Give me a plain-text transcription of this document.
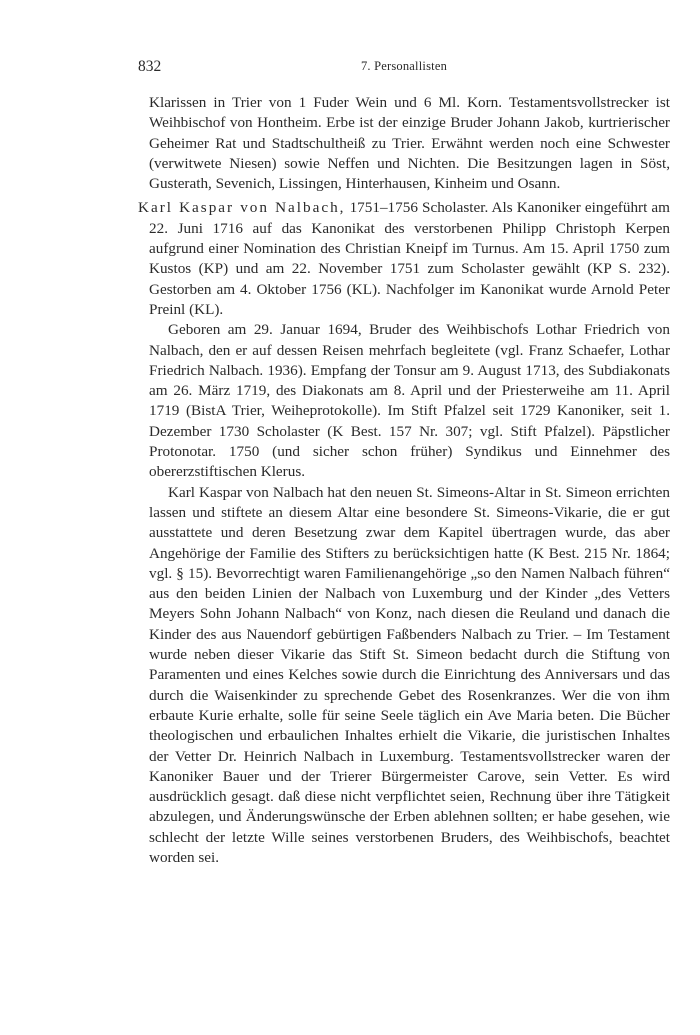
832	7. Personallisten

Klarissen in Trier von 1 Fuder Wein und 6 Ml. Korn. Testamentsvollstrecker ist Weihbischof von Hontheim. Erbe ist der einzige Bruder Johann Jakob, kurtrierischer Geheimer Rat und Stadtschultheiß zu Trier. Erwähnt werden noch eine Schwester (verwitwete Niesen) sowie Neffen und Nichten. Die Besitzungen lagen in Söst, Gusterath, Sevenich, Lissingen, Hinterhausen, Kinheim und Osann.

Karl Kaspar von Nalbach, 1751–1756 Scholaster. Als Kanoniker eingeführt am 22. Juni 1716 auf das Kanonikat des verstorbenen Philipp Christoph Kerpen aufgrund einer Nomination des Christian Kneipf im Turnus. Am 15. April 1750 zum Kustos (KP) und am 22. November 1751 zum Scholaster gewählt (KP S. 232). Gestorben am 4. Oktober 1756 (KL). Nachfolger im Kanonikat wurde Arnold Peter Preinl (KL).

Geboren am 29. Januar 1694, Bruder des Weihbischofs Lothar Friedrich von Nalbach, den er auf dessen Reisen mehrfach begleitete (vgl. Franz Schaefer, Lothar Friedrich Nalbach. 1936). Empfang der Tonsur am 9. August 1713, des Subdiakonats am 26. März 1719, des Diakonats am 8. April und der Priesterweihe am 11. April 1719 (BistA Trier, Weiheprotokolle). Im Stift Pfalzel seit 1729 Kanoniker, seit 1. Dezember 1730 Scholaster (K Best. 157 Nr. 307; vgl. Stift Pfalzel). Päpstlicher Protonotar. 1750 (und sicher schon früher) Syndikus und Einnehmer des obererzstiftischen Klerus.

Karl Kaspar von Nalbach hat den neuen St. Simeons-Altar in St. Simeon errichten lassen und stiftete an diesem Altar eine besondere St. Simeons-Vikarie, die er gut ausstattete und deren Besetzung zwar dem Kapitel übertragen wurde, das aber Angehörige der Familie des Stifters zu berücksichtigen hatte (K Best. 215 Nr. 1864; vgl. § 15). Bevorrechtigt waren Familienangehörige „so den Namen Nalbach führen“ aus den beiden Linien der Nalbach von Luxemburg und der Kinder „des Vetters Meyers Sohn Johann Nalbach“ von Konz, nach diesen die Reuland und danach die Kinder des aus Nauendorf gebürtigen Faßbenders Nalbach zu Trier. – Im Testament wurde neben dieser Vikarie das Stift St. Simeon bedacht durch die Stiftung von Paramenten und eines Kelches sowie durch die Einrichtung des Anniversars und das durch die Waisenkinder zu sprechende Gebet des Rosenkranzes. Wer die von ihm erbaute Kurie erhalte, solle für seine Seele täglich ein Ave Maria beten. Die Bücher theologischen und erbaulichen Inhaltes erhielt die Vikarie, die juristischen Inhaltes der Vetter Dr. Heinrich Nalbach in Luxemburg. Testamentsvollstrecker waren der Kanoniker Bauer und der Trierer Bürgermeister Carove, sein Vetter. Es wird ausdrücklich gesagt. daß diese nicht verpflichtet seien, Rechnung über ihre Tätigkeit abzulegen, und Änderungswünsche der Erben ablehnen sollten; er habe gesehen, wie schlecht der letzte Wille seines verstorbenen Bruders, des Weihbischofs, beachtet worden sei.
